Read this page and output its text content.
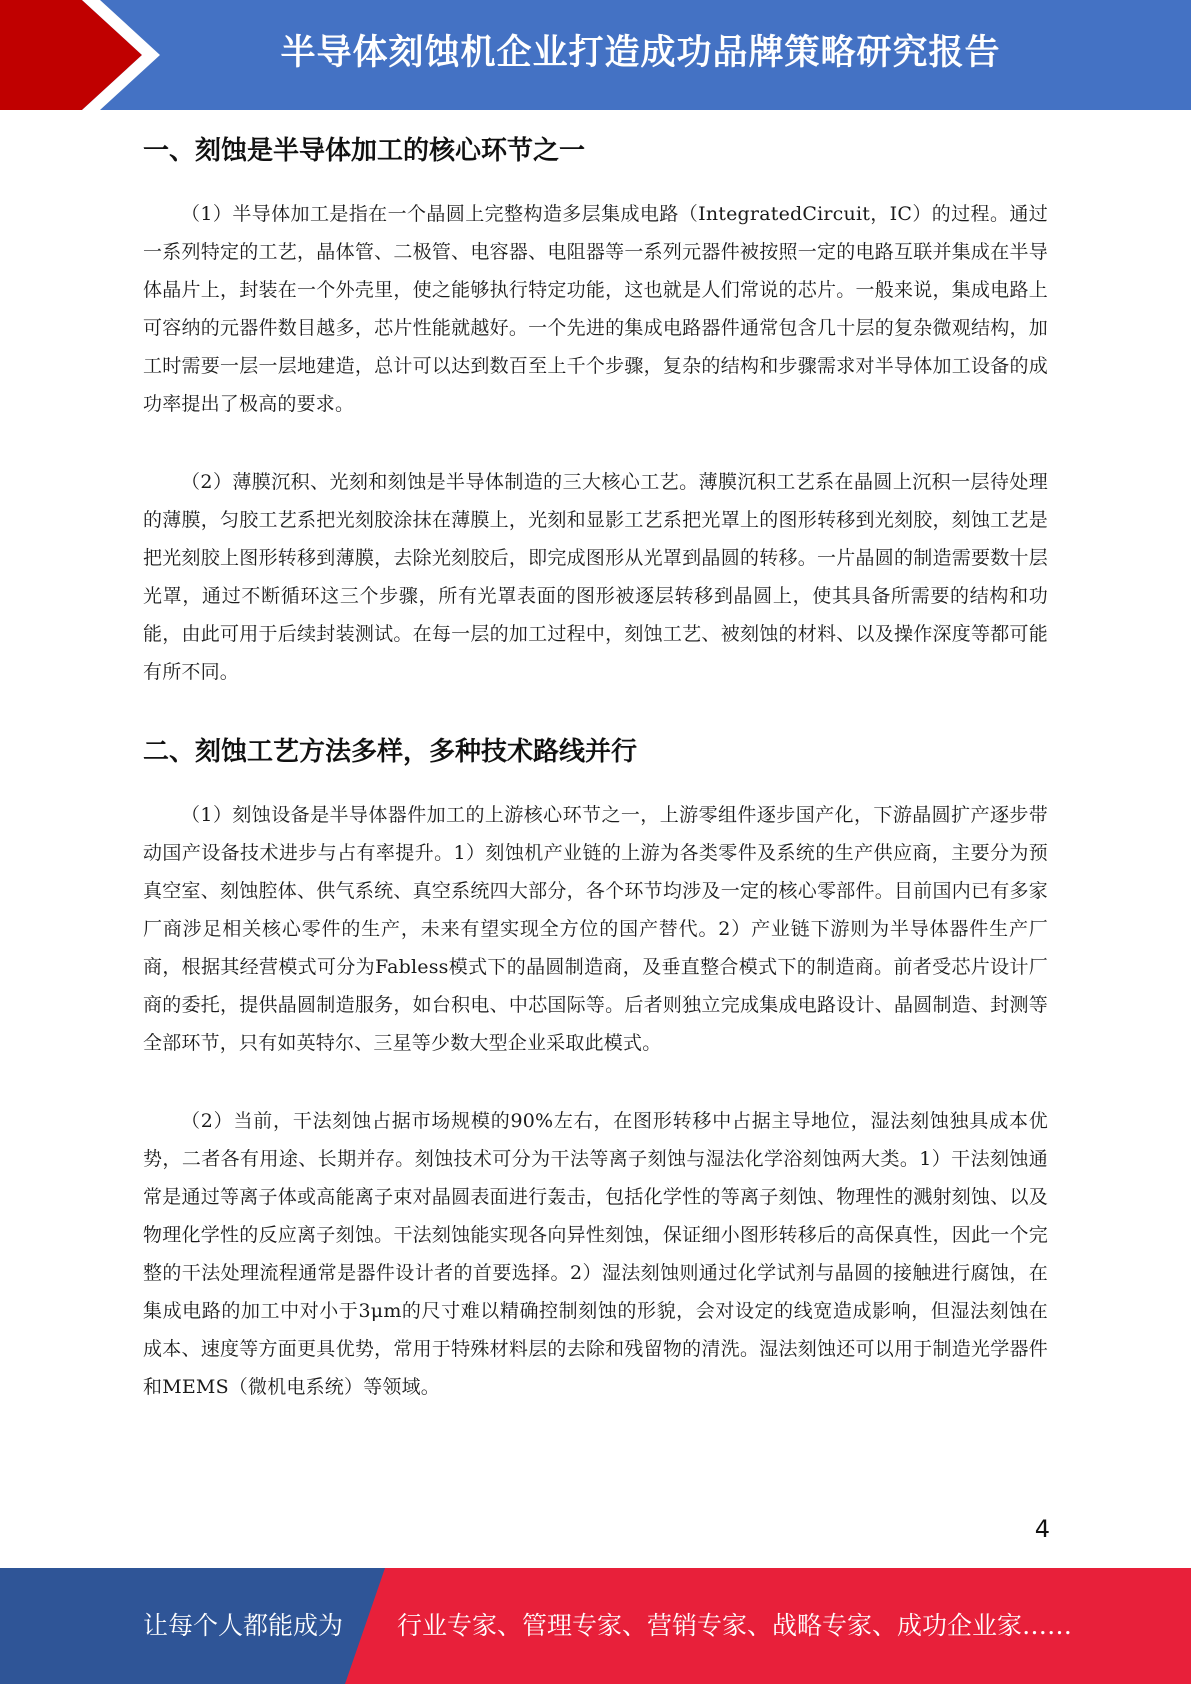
半导体刻蚀机企业打造成功品牌策略研究报告
一、刻蚀是半导体加工的核心环节之一

（1）半导体加工是指在一个晶圆上完整构造多层集成电路（IntegratedCircuit，IC）的过程。通过一系列特定的工艺，晶体管、二极管、电容器、电阻器等一系列元器件被按照一定的电路互联并集成在半导体晶片上，封装在一个外壳里，使之能够执行特定功能，这也就是人们常说的芯片。一般来说，集成电路上可容纳的元器件数目越多，芯片性能就越好。一个先进的集成电路器件通常包含几十层的复杂微观结构，加工时需要一层一层地建造，总计可以达到数百至上千个步骤，复杂的结构和步骤需求对半导体加工设备的成功率提出了极高的要求。

（2）薄膜沉积、光刻和刻蚀是半导体制造的三大核心工艺。薄膜沉积工艺系在晶圆上沉积一层待处理的薄膜，匀胶工艺系把光刻胶涂抹在薄膜上，光刻和显影工艺系把光罩上的图形转移到光刻胶，刻蚀工艺是把光刻胶上图形转移到薄膜，去除光刻胶后，即完成图形从光罩到晶圆的转移。一片晶圆的制造需要数十层光罩，通过不断循环这三个步骤，所有光罩表面的图形被逐层转移到晶圆上，使其具备所需要的结构和功能，由此可用于后续封装测试。在每一层的加工过程中，刻蚀工艺、被刻蚀的材料、以及操作深度等都可能有所不同。

二、刻蚀工艺方法多样，多种技术路线并行

（1）刻蚀设备是半导体器件加工的上游核心环节之一，上游零组件逐步国产化，下游晶圆扩产逐步带动国产设备技术进步与占有率提升。1）刻蚀机产业链的上游为各类零件及系统的生产供应商，主要分为预真空室、刻蚀腔体、供气系统、真空系统四大部分，各个环节均涉及一定的核心零部件。目前国内已有多家厂商涉足相关核心零件的生产，未来有望实现全方位的国产替代。2）产业链下游则为半导体器件生产厂商，根据其经营模式可分为Fabless模式下的晶圆制造商，及垂直整合模式下的制造商。前者受芯片设计厂商的委托，提供晶圆制造服务，如台积电、中芯国际等。后者则独立完成集成电路设计、晶圆制造、封测等全部环节，只有如英特尔、三星等少数大型企业采取此模式。

（2）当前，干法刻蚀占据市场规模的90%左右，在图形转移中占据主导地位，湿法刻蚀独具成本优势，二者各有用途、长期并存。刻蚀技术可分为干法等离子刻蚀与湿法化学浴刻蚀两大类。1）干法刻蚀通常是通过等离子体或高能离子束对晶圆表面进行轰击，包括化学性的等离子刻蚀、物理性的溅射刻蚀、以及物理化学性的反应离子刻蚀。干法刻蚀能实现各向异性刻蚀，保证细小图形转移后的高保真性，因此一个完整的干法处理流程通常是器件设计者的首要选择。2）湿法刻蚀则通过化学试剂与晶圆的接触进行腐蚀，在集成电路的加工中对小于3μm的尺寸难以精确控制刻蚀的形貌，会对设定的线宽造成影响，但湿法刻蚀在成本、速度等方面更具优势，常用于特殊材料层的去除和残留物的清洗。湿法刻蚀还可以用于制造光学器件和MEMS（微机电系统）等领域。

4
让每个人都能成为 行业专家、管理专家、营销专家、战略专家、成功企业家……
